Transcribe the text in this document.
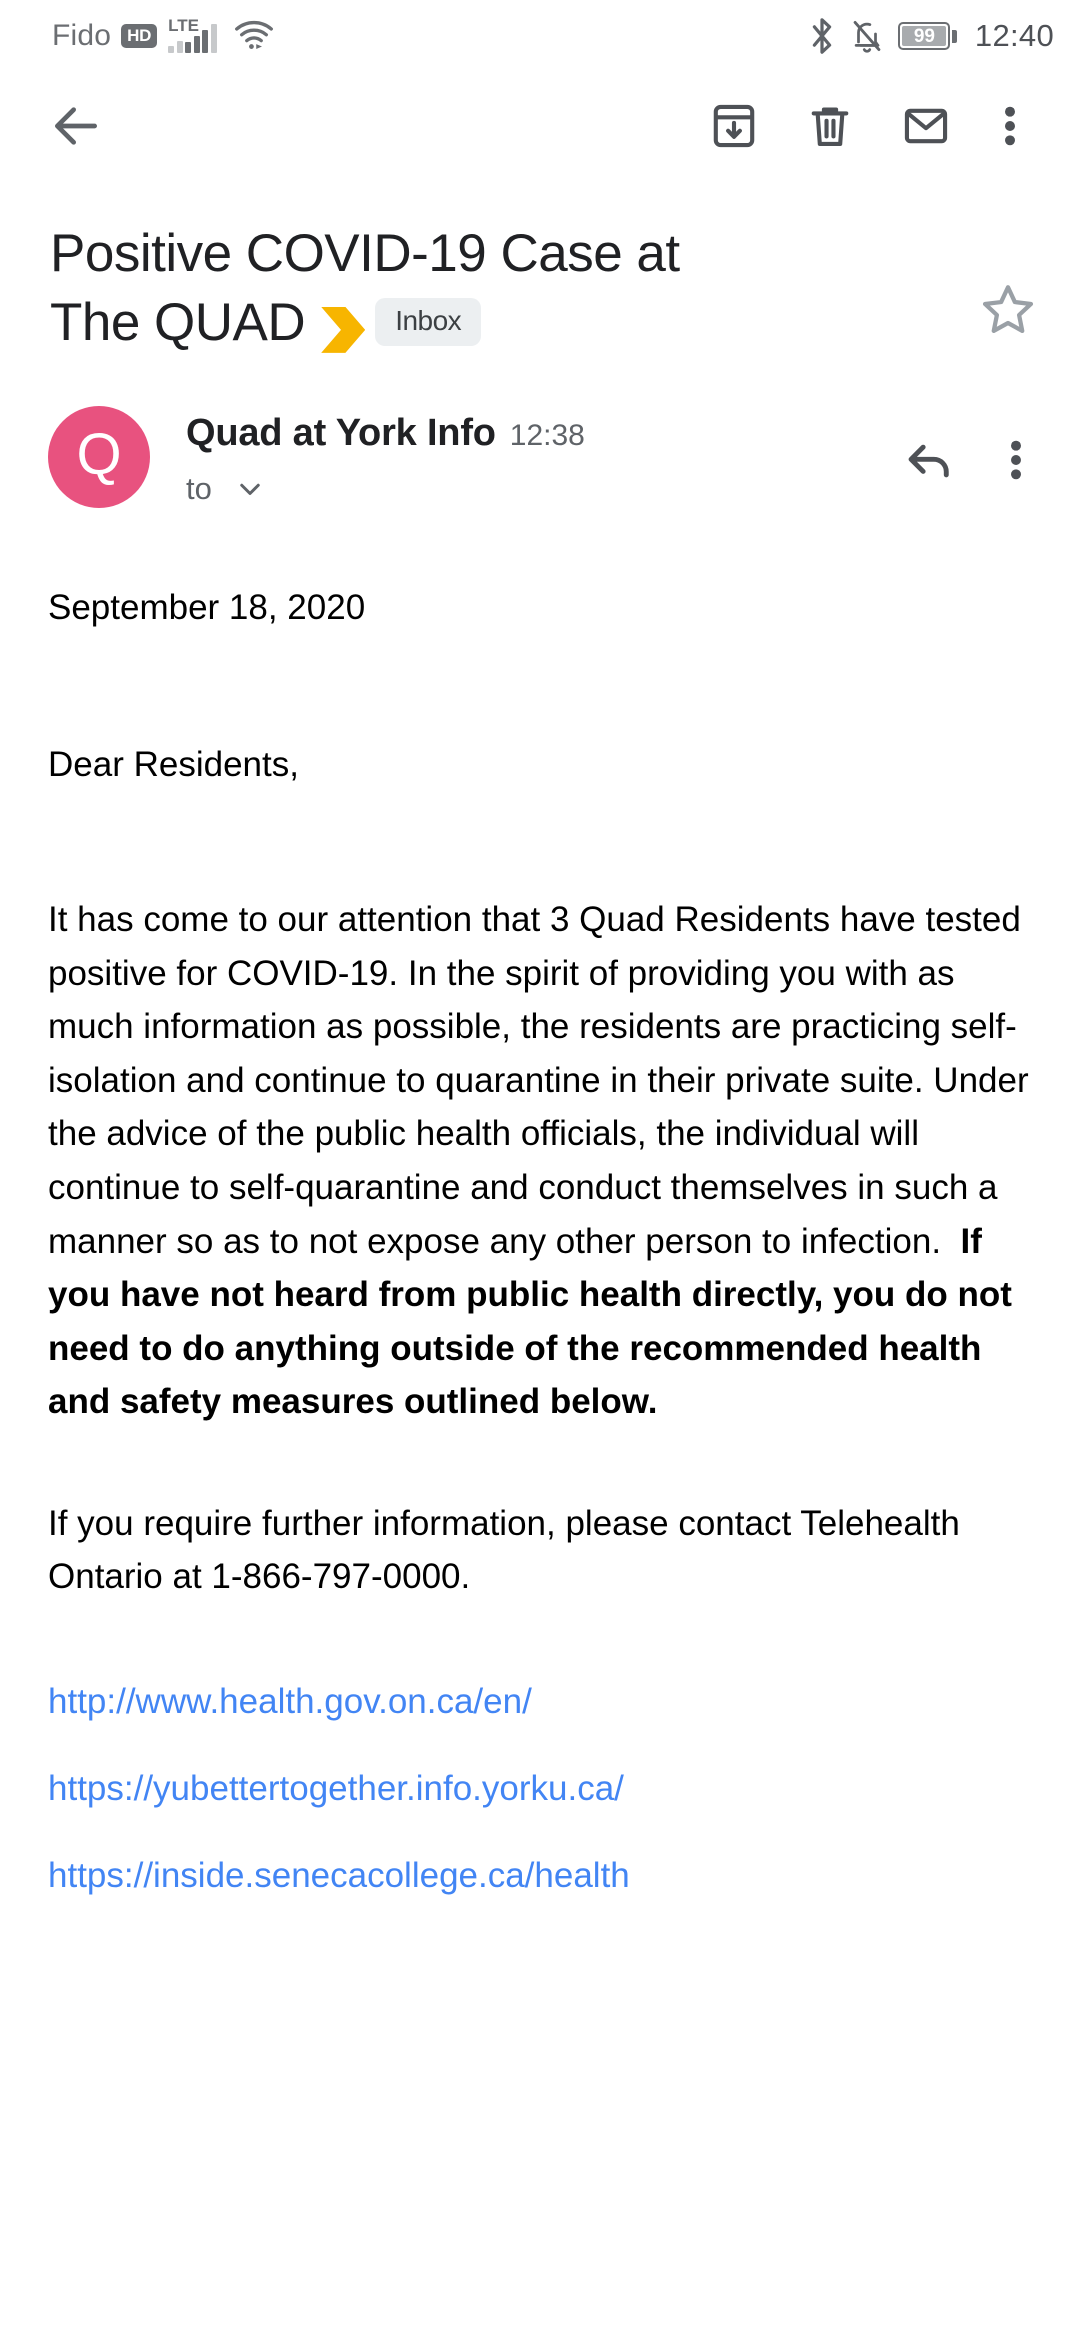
Fido HD
LTE	99 12:40
Positive COVID-19 Case at
The QUAD	Inbox
Q	Quad at York Info 12:38
to
September 18, 2020
Dear Residents,
It has come to our attention that 3 Quad Residents have tested positive for COVID-19. In the spirit of providing you with as much information as possible, the residents are practicing self-isolation and continue to quarantine in their private suite. Under the advice of the public health officials, the individual will continue to self-quarantine and conduct themselves in such a manner so as to not expose any other person to infection. If you have not heard from public health directly, you do not need to do anything outside of the recommended health and safety measures outlined below.
If you require further information, please contact Telehealth Ontario at 1-866-797-0000.
http://www.health.gov.on.ca/en/
https://yubettertogether.info.yorku.ca/
https://inside.senecacollege.ca/health
